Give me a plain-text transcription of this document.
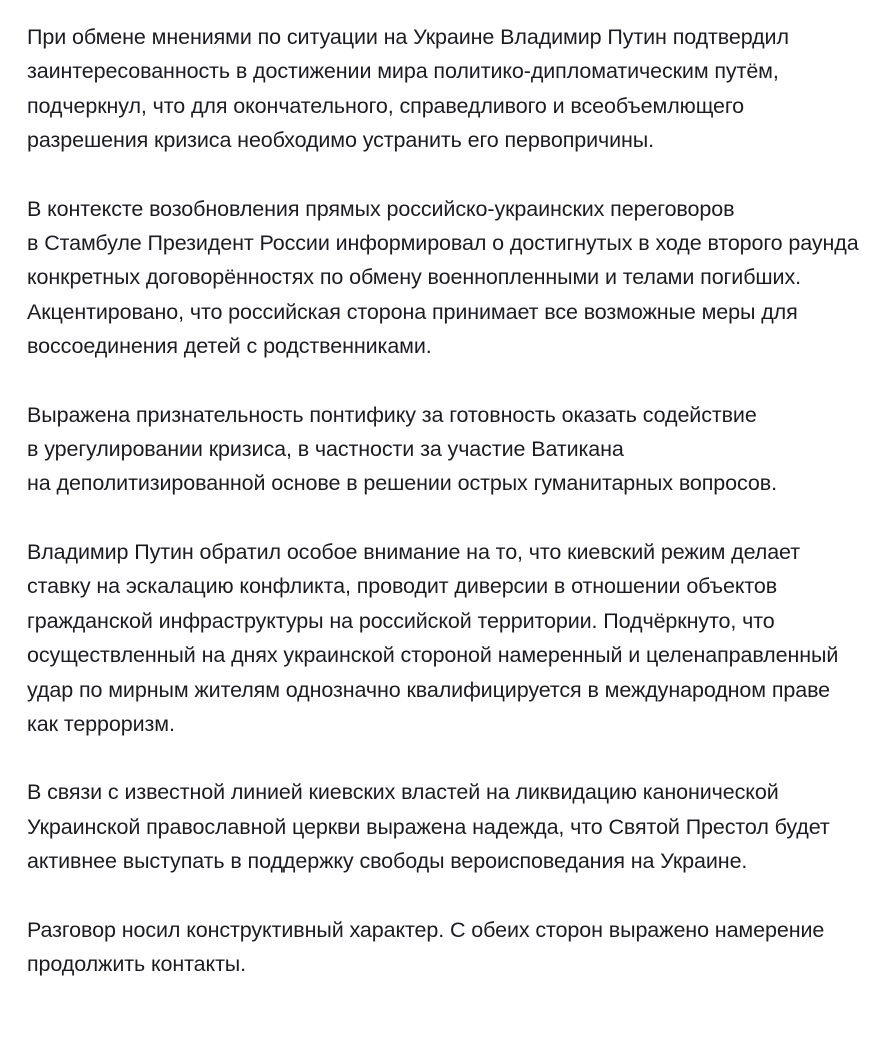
При обмене мнениями по ситуации на Украине Владимир Путин подтвердил
заинтересованность в достижении мира политико-дипломатическим путём,
подчеркнул, что для окончательного, справедливого и всеобъемлющего
разрешения кризиса необходимо устранить его первопричины.

В контексте возобновления прямых российско-украинских переговоров
в Стамбуле Президент России информировал о достигнутых в ходе второго раунда
конкретных договорённостях по обмену военнопленными и телами погибших.
Акцентировано, что российская сторона принимает все возможные меры для
воссоединения детей с родственниками.

Выражена признательность понтифику за готовность оказать содействие
в урегулировании кризиса, в частности за участие Ватикана
на деполитизированной основе в решении острых гуманитарных вопросов.

Владимир Путин обратил особое внимание на то, что киевский режим делает
ставку на эскалацию конфликта, проводит диверсии в отношении объектов
гражданской инфраструктуры на российской территории. Подчёркнуто, что
осуществленный на днях украинской стороной намеренный и целенаправленный
удар по мирным жителям однозначно квалифицируется в международном праве
как терроризм.

В связи с известной линией киевских властей на ликвидацию канонической
Украинской православной церкви выражена надежда, что Святой Престол будет
активнее выступать в поддержку свободы вероисповедания на Украине.

Разговор носил конструктивный характер. С обеих сторон выражено намерение
продолжить контакты.
